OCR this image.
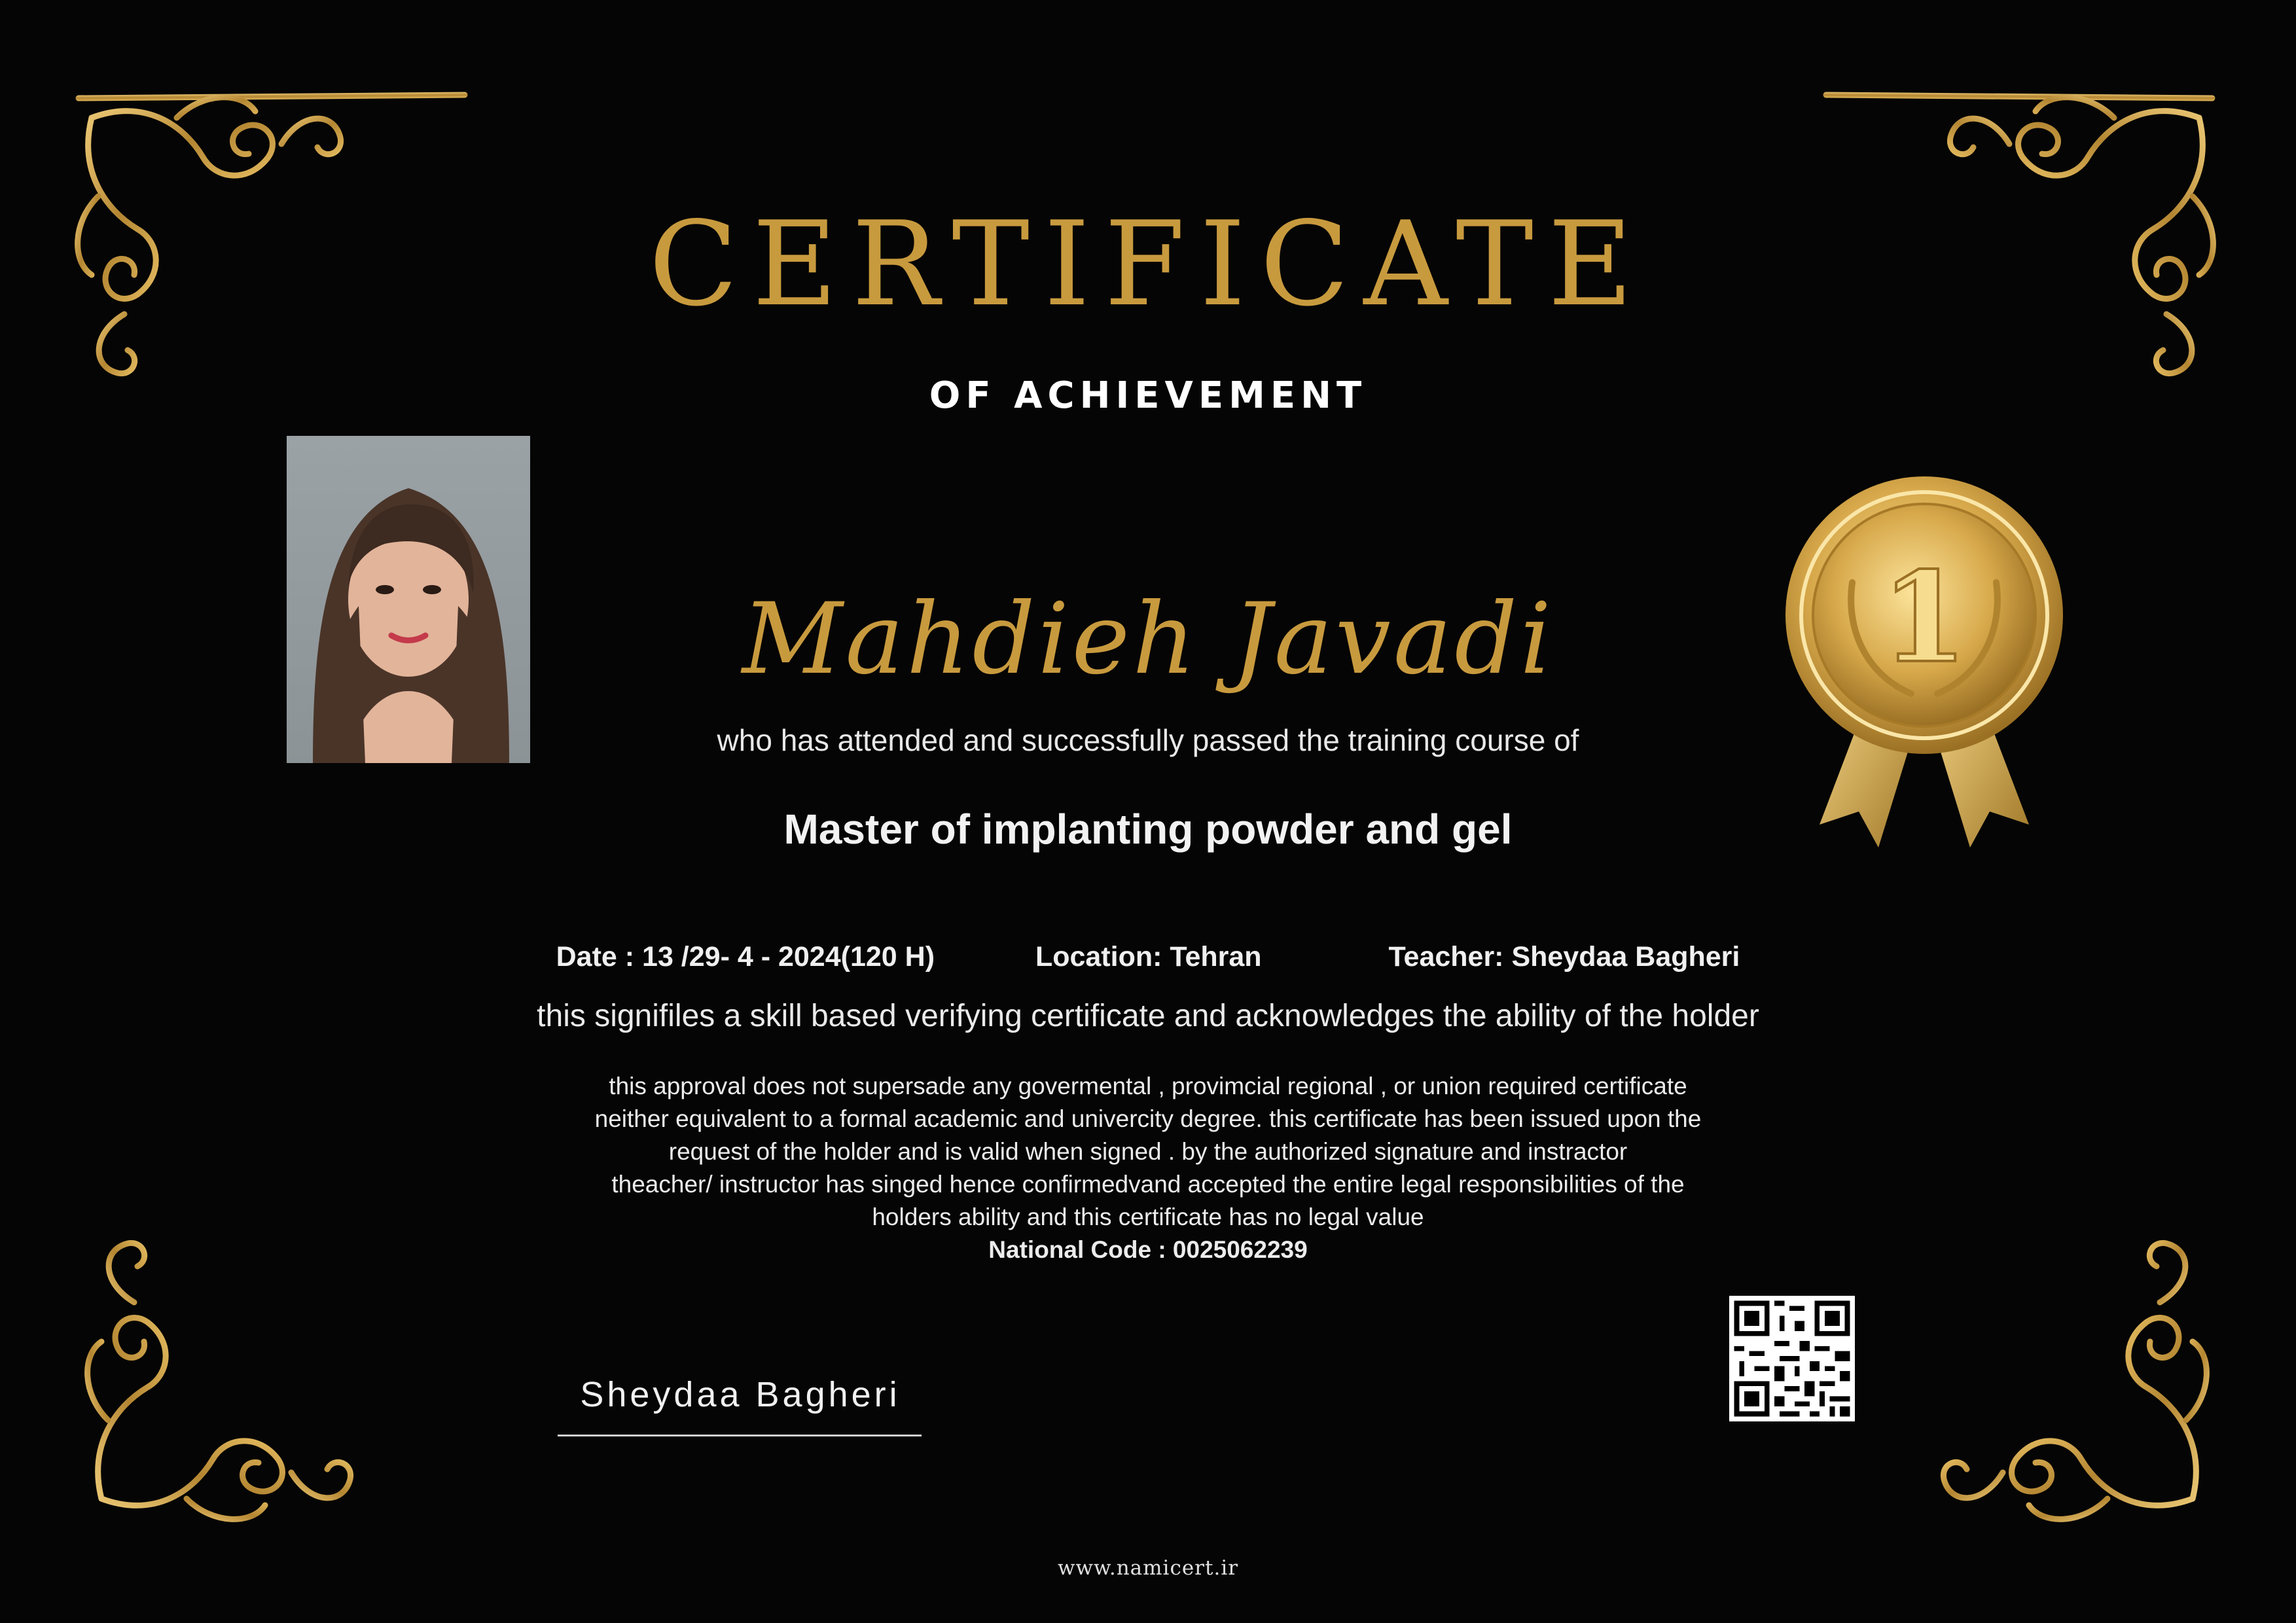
CERTIFICATE
OF ACHIEVEMENT
1
Mahdieh Javadi
who has attended and successfully passed the training course of
Master of implanting powder and gel
Date : 13 /29- 4 - 2024(120 H)	Location: Tehran	Teacher: Sheydaa Bagheri
this signifiles a skill based verifying certificate and acknowledges the ability of the holder
this approval does not supersade any govermental , provimcial regional , or union required certificate
neither equivalent to a formal academic and univercity degree. this certificate has been issued upon the
request of the holder and is valid when signed . by the authorized signature and instractor
theacher/ instructor has singed hence confirmedvand accepted the entire legal responsibilities of the
holders ability and this certificate has no legal value
National Code : 0025062239
Sheydaa Bagheri
www.namicert.ir
